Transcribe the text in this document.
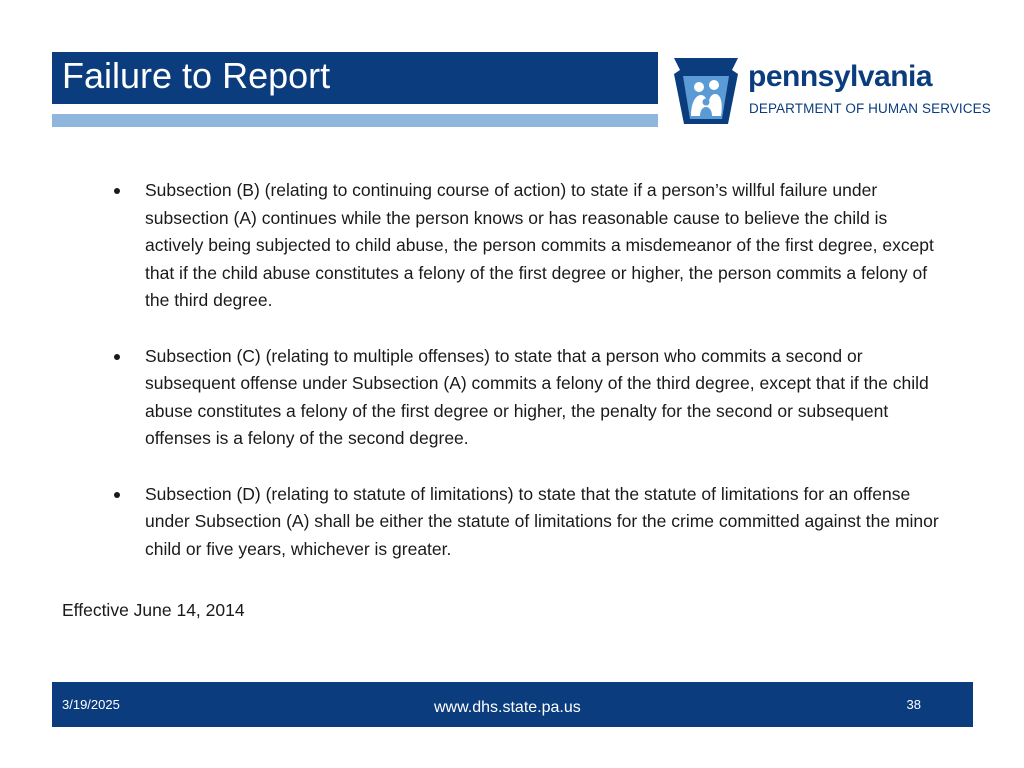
Failure to Report	pennsylvania
DEPARTMENT OF HUMAN SERVICES
Subsection (B) (relating to continuing course of action) to state if a person’s willful failure under subsection (A) continues while the person knows or has reasonable cause to believe the child is actively being subjected to child abuse, the person commits a misdemeanor of the first degree, except that if the child abuse constitutes a felony of the first degree or higher, the person commits a felony of the third degree.
Subsection (C) (relating to multiple offenses) to state that a person who commits a second or subsequent offense under Subsection (A) commits a felony of the third degree, except that if the child abuse constitutes a felony of the first degree or higher, the penalty for the second or subsequent offenses is a felony of the second degree.
Subsection (D) (relating to statute of limitations) to state that the statute of limitations for an offense under Subsection (A) shall be either the statute of limitations for the crime committed against the minor child or five years, whichever is greater.
Effective June 14, 2014
3/19/2025	www.dhs.state.pa.us	38
